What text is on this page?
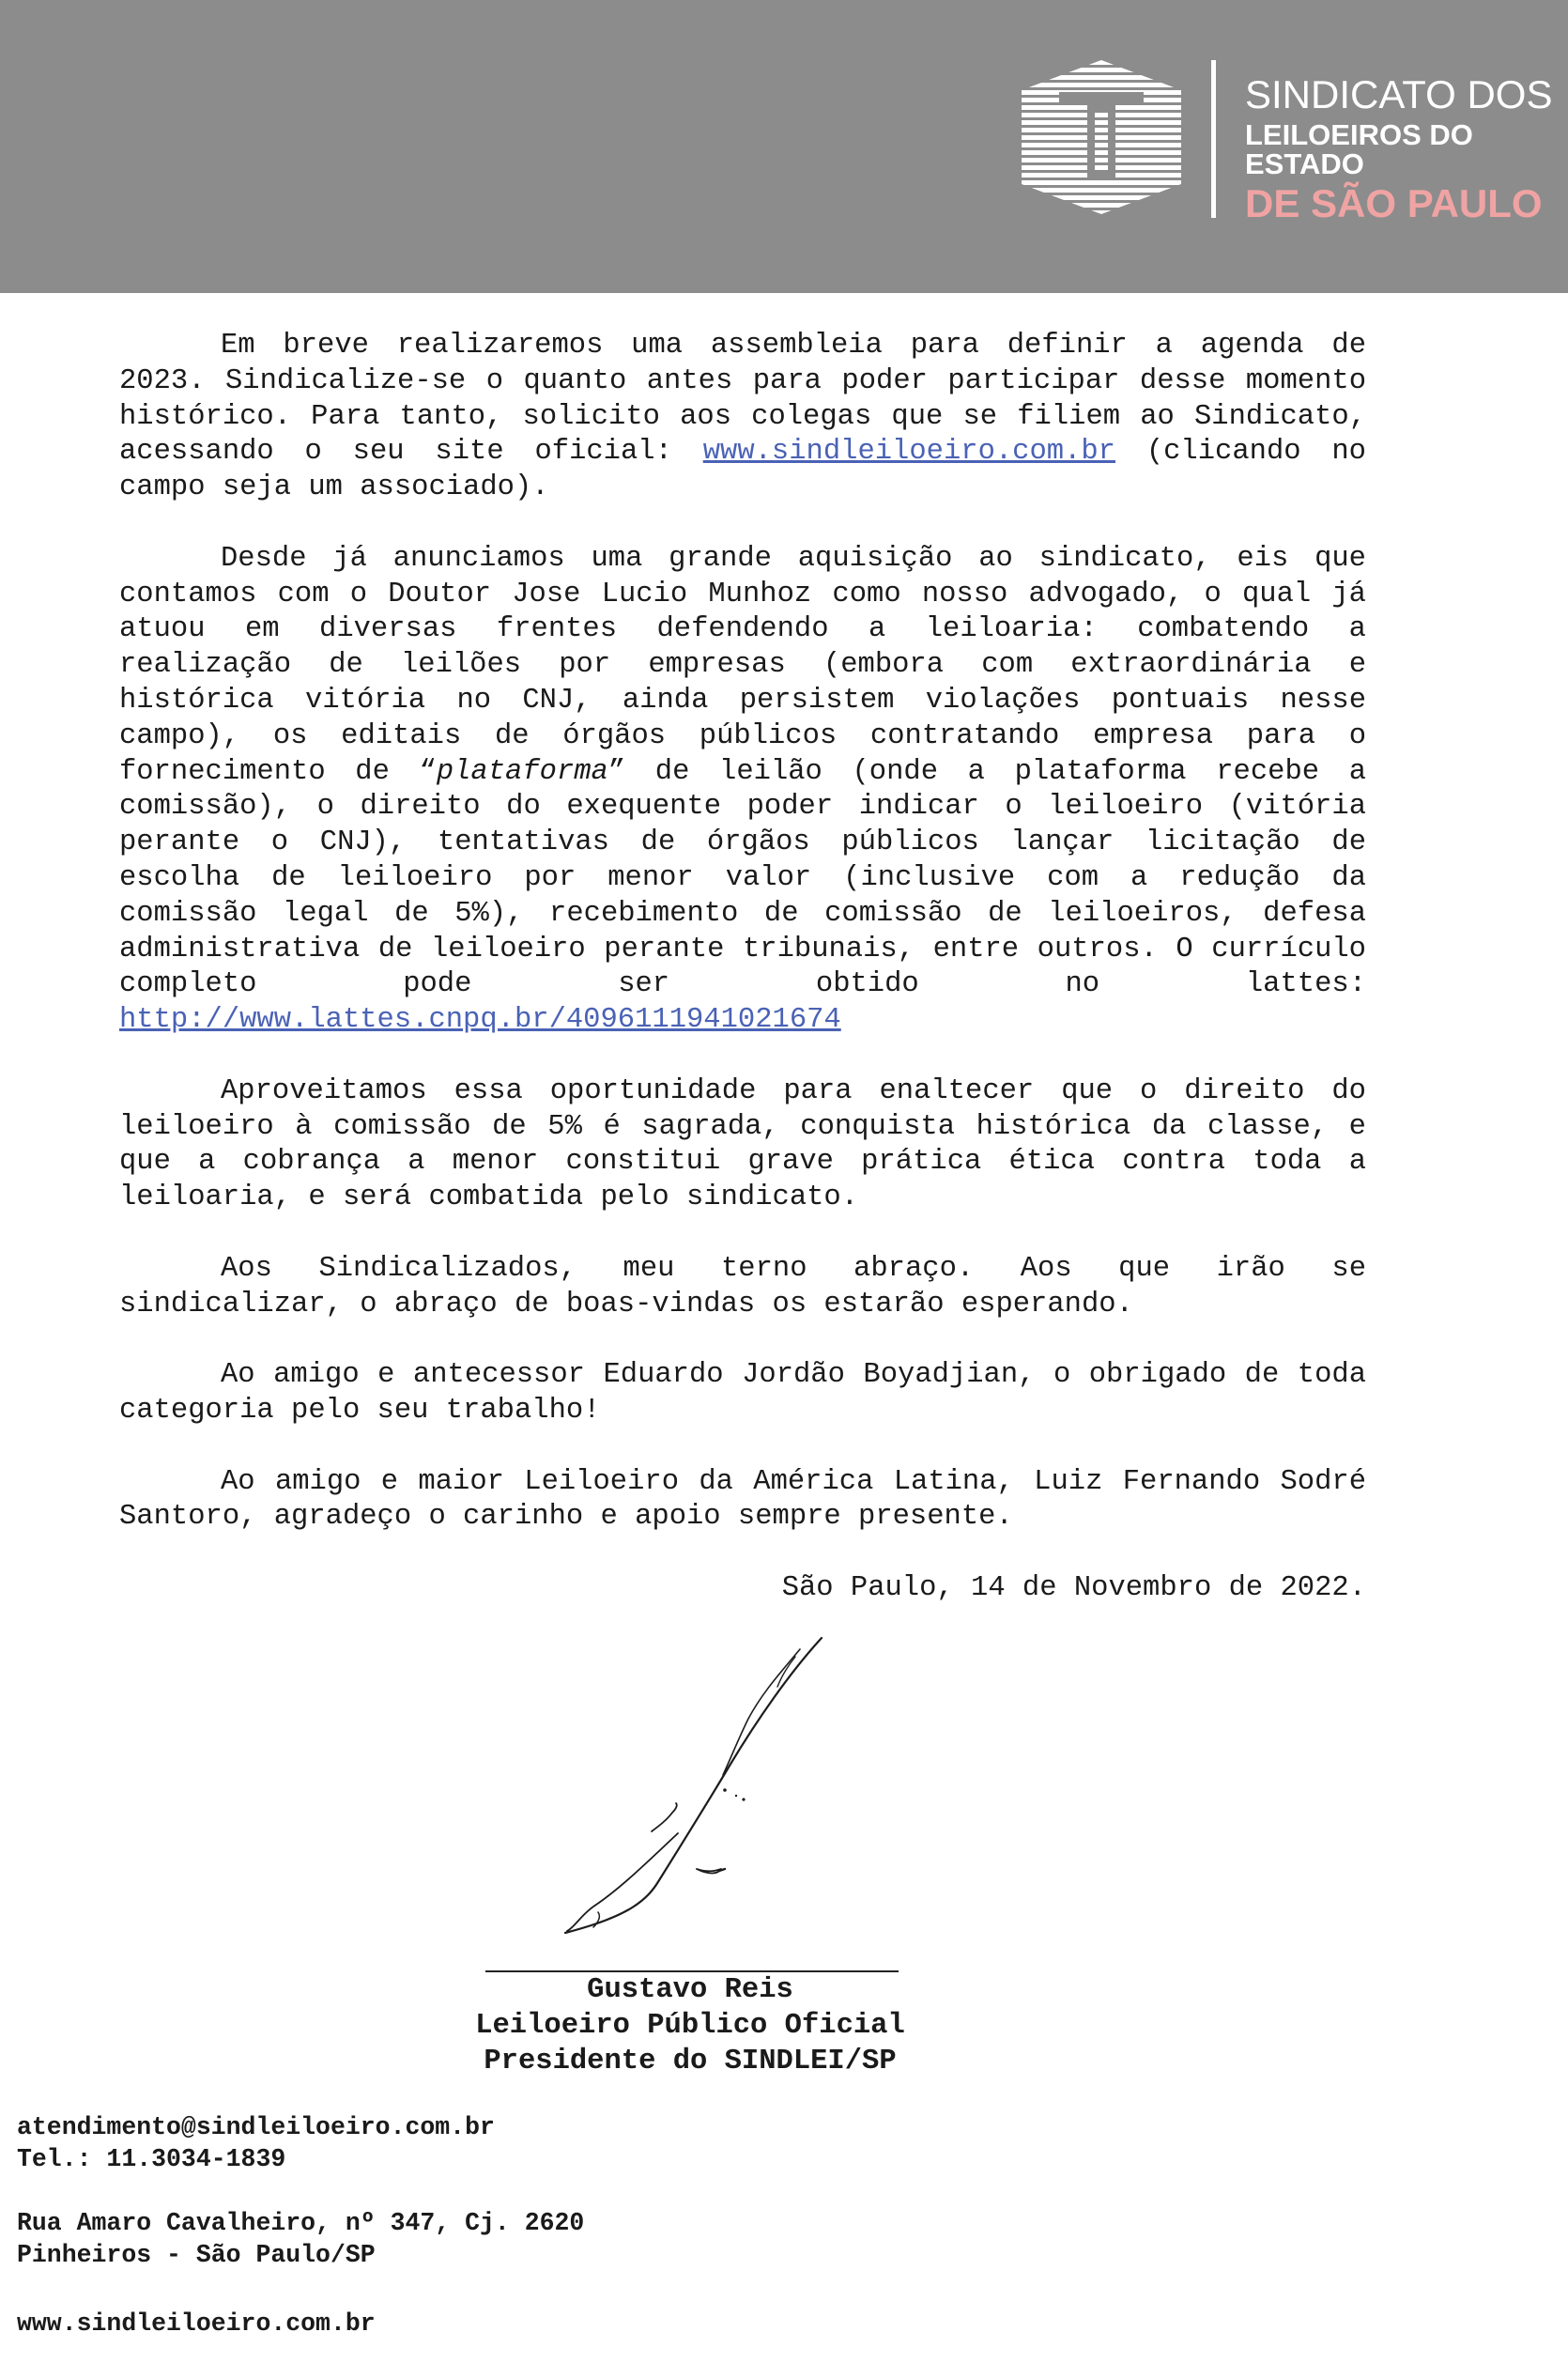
SINDICATO DOS
LEILOEIROS DO ESTADO
DE SÃO PAULO

Em breve realizaremos uma assembleia para definir a agenda de 2023. Sindicalize-se o quanto antes para poder participar desse momento histórico. Para tanto, solicito aos colegas que se filiem ao Sindicato, acessando o seu site oficial: www.sindleiloeiro.com.br (clicando no campo seja um associado).

Desde já anunciamos uma grande aquisição ao sindicato, eis que contamos com o Doutor Jose Lucio Munhoz como nosso advogado, o qual já atuou em diversas frentes defendendo a leiloaria: combatendo a realização de leilões por empresas (embora com extraordinária e histórica vitória no CNJ, ainda persistem violações pontuais nesse campo), os editais de órgãos públicos contratando empresa para o fornecimento de “plataforma” de leilão (onde a plataforma recebe a comissão), o direito do exequente poder indicar o leiloeiro (vitória perante o CNJ), tentativas de órgãos públicos lançar licitação de escolha de leiloeiro por menor valor (inclusive com a redução da comissão legal de 5%), recebimento de comissão de leiloeiros, defesa administrativa de leiloeiro perante tribunais, entre outros. O currículo completo pode ser obtido no lattes: http://www.lattes.cnpq.br/4096111941021674

Aproveitamos essa oportunidade para enaltecer que o direito do leiloeiro à comissão de 5% é sagrada, conquista histórica da classe, e que a cobrança a menor constitui grave prática ética contra toda a leiloaria, e será combatida pelo sindicato.

Aos Sindicalizados, meu terno abraço. Aos que irão se sindicalizar, o abraço de boas-vindas os estarão esperando.

Ao amigo e antecessor Eduardo Jordão Boyadjian, o obrigado de toda categoria pelo seu trabalho!

Ao amigo e maior Leiloeiro da América Latina, Luiz Fernando Sodré Santoro, agradeço o carinho e apoio sempre presente.

São Paulo, 14 de Novembro de 2022.

Gustavo Reis
Leiloeiro Público Oficial
Presidente do SINDLEI/SP
atendimento@sindleiloeiro.com.br
Tel.: 11.3034-1839
Rua Amaro Cavalheiro, nº 347, Cj. 2620
Pinheiros - São Paulo/SP
www.sindleiloeiro.com.br
